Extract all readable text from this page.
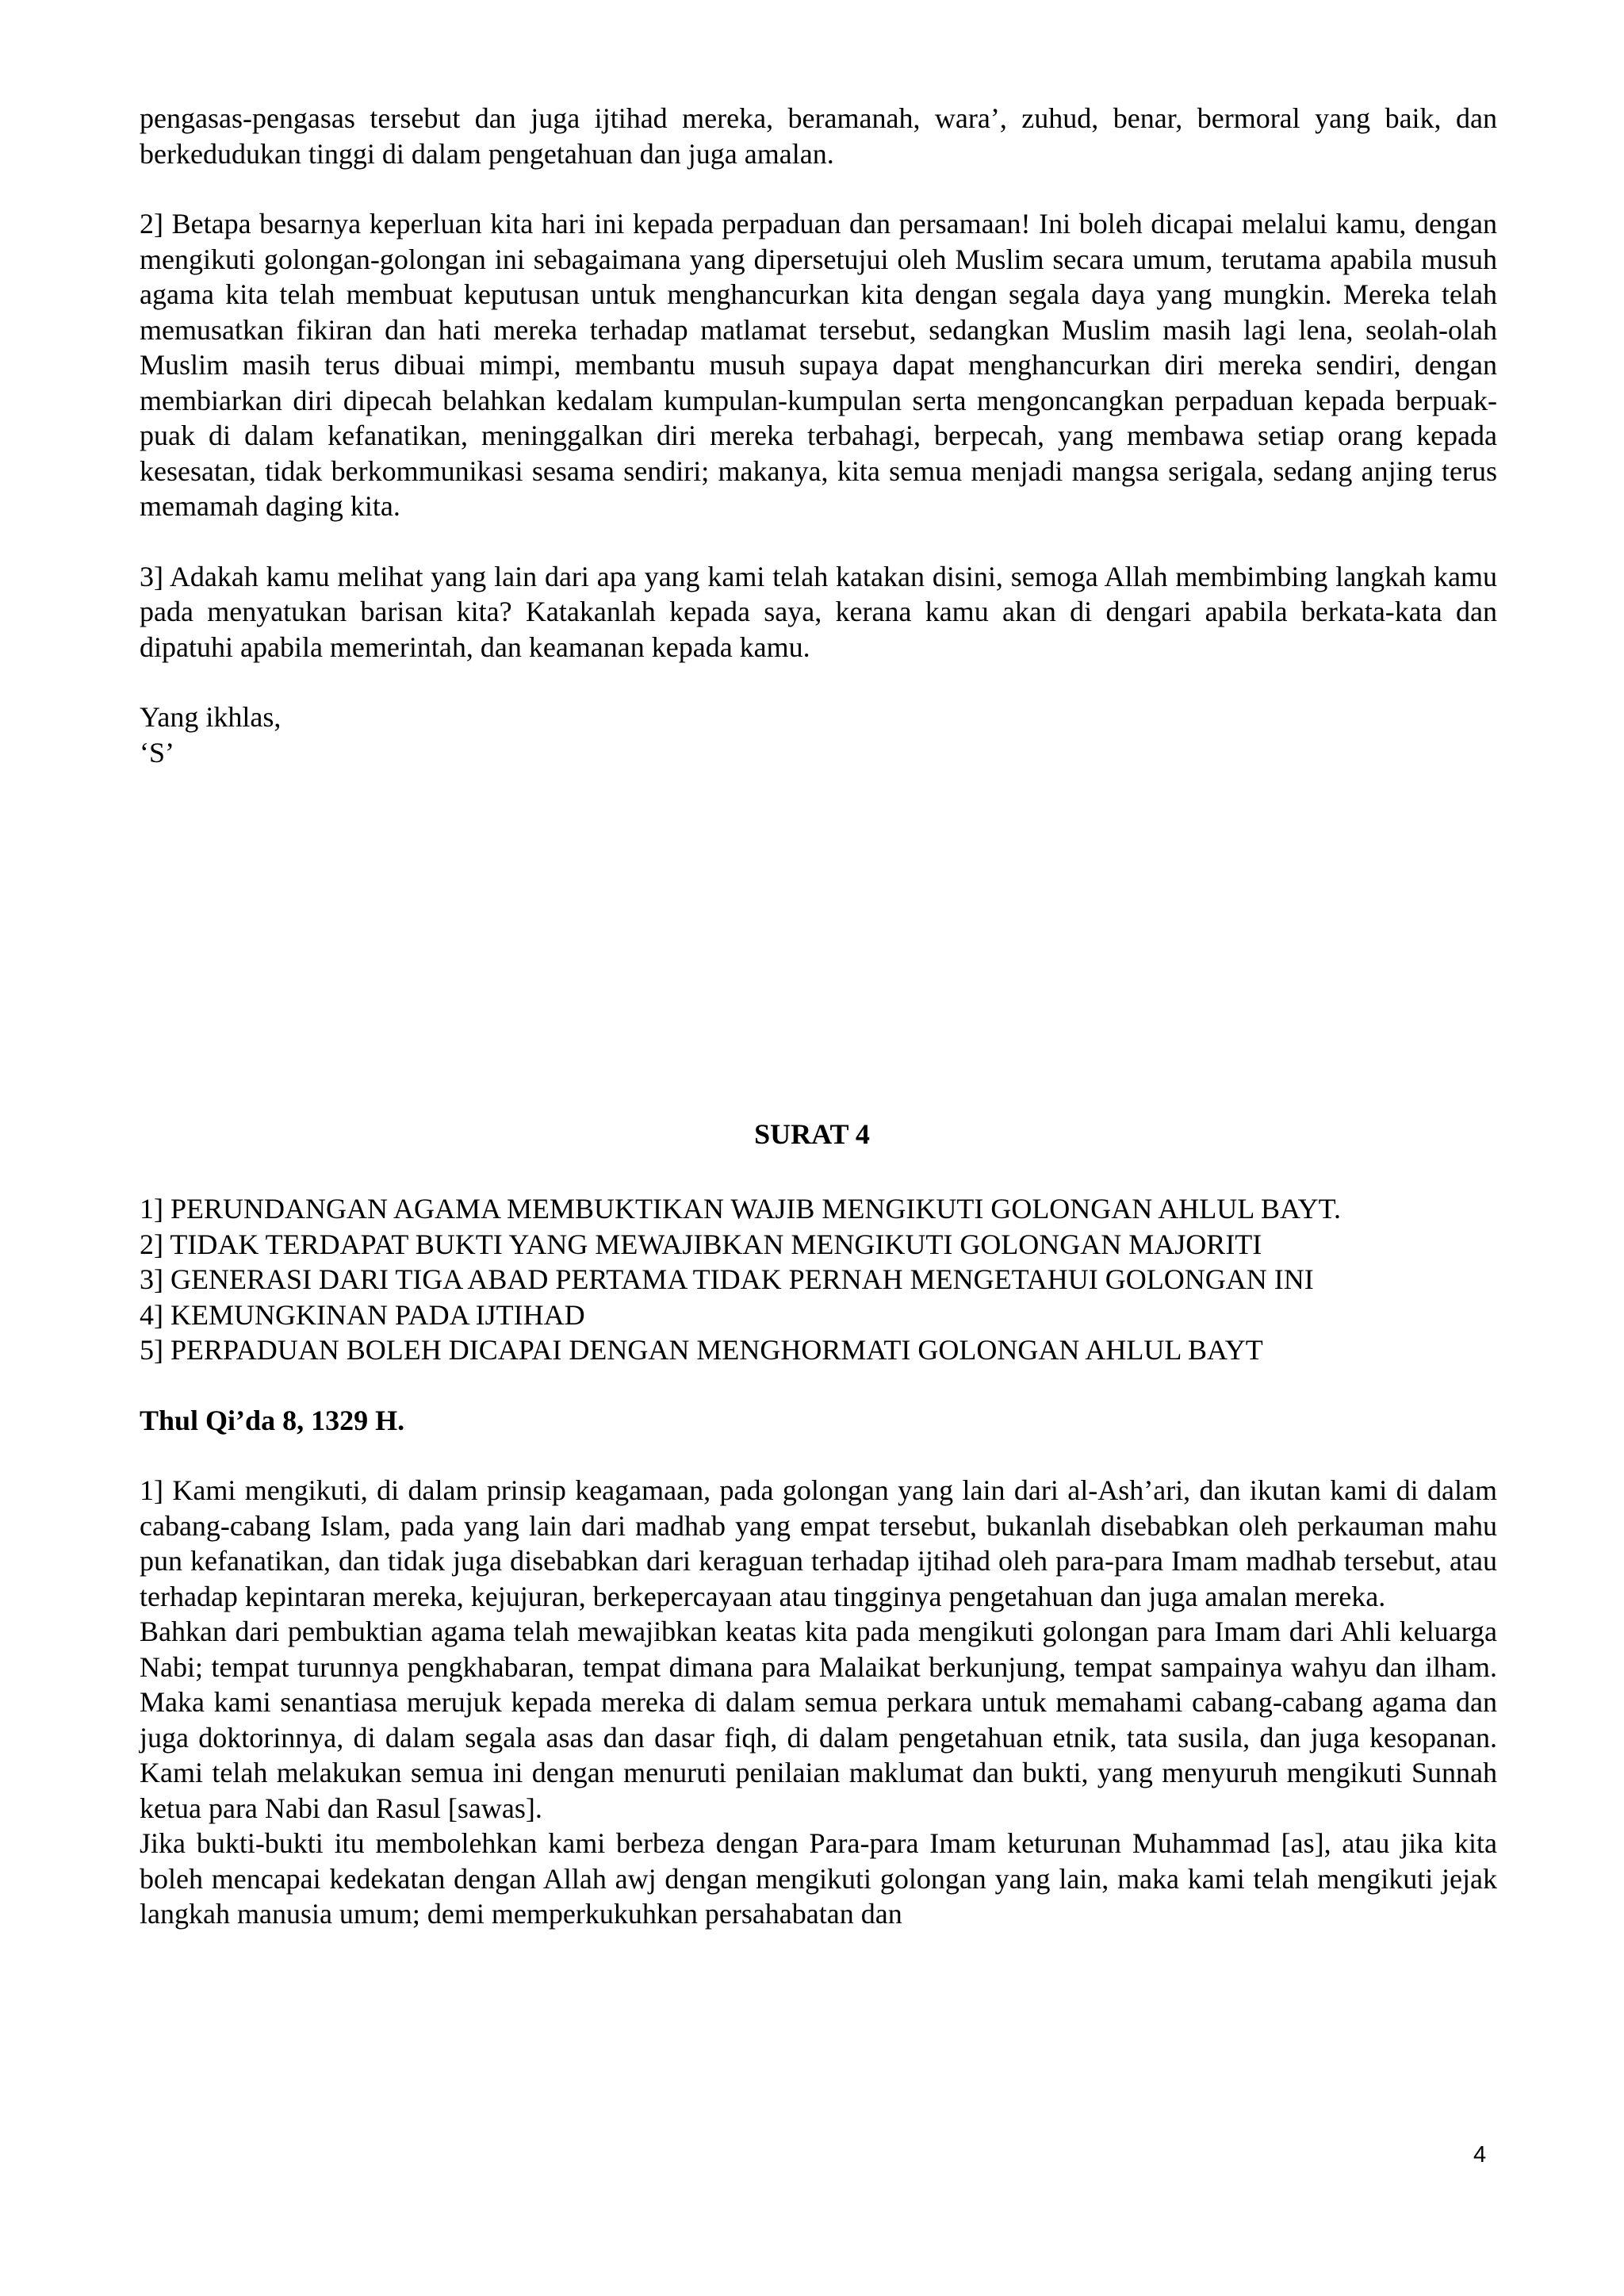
pengasas-pengasas tersebut dan juga ijtihad mereka, beramanah, wara’, zuhud, benar, bermoral yang baik, dan berkedudukan tinggi di dalam pengetahuan dan juga amalan.

2] Betapa besarnya keperluan kita hari ini kepada perpaduan dan persamaan! Ini boleh dicapai melalui kamu, dengan mengikuti golongan-golongan ini sebagaimana yang dipersetujui oleh Muslim secara umum, terutama apabila musuh agama kita telah membuat keputusan untuk menghancurkan kita dengan segala daya yang mungkin. Mereka telah memusatkan fikiran dan hati mereka terhadap matlamat tersebut, sedangkan Muslim masih lagi lena, seolah-olah Muslim masih terus dibuai mimpi, membantu musuh supaya dapat menghancurkan diri mereka sendiri, dengan membiarkan diri dipecah belahkan kedalam kumpulan-kumpulan serta mengoncangkan perpaduan kepada berpuak-puak di dalam kefanatikan, meninggalkan diri mereka terbahagi, berpecah, yang membawa setiap orang kepada kesesatan, tidak berkommunikasi sesama sendiri; makanya, kita semua menjadi mangsa serigala, sedang anjing terus memamah daging kita.

3] Adakah kamu melihat yang lain dari apa yang kami telah katakan disini, semoga Allah membimbing langkah kamu pada menyatukan barisan kita? Katakanlah kepada saya, kerana kamu akan di dengari apabila berkata-kata dan dipatuhi apabila memerintah, dan keamanan kepada kamu.

Yang ikhlas,

‘S’

SURAT 4

1] PERUNDANGAN AGAMA MEMBUKTIKAN WAJIB MENGIKUTI GOLONGAN AHLUL BAYT.

2] TIDAK TERDAPAT BUKTI YANG MEWAJIBKAN MENGIKUTI GOLONGAN MAJORITI

3] GENERASI DARI TIGA ABAD PERTAMA TIDAK PERNAH MENGETAHUI GOLONGAN INI

4] KEMUNGKINAN PADA IJTIHAD

5] PERPADUAN BOLEH DICAPAI DENGAN MENGHORMATI GOLONGAN AHLUL BAYT

Thul Qi’da 8, 1329 H.

1] Kami mengikuti, di dalam prinsip keagamaan, pada golongan yang lain dari al-Ash’ari, dan ikutan kami di dalam cabang-cabang Islam, pada yang lain dari madhab yang empat tersebut, bukanlah disebabkan oleh perkauman mahu pun kefanatikan, dan tidak juga disebabkan dari keraguan terhadap ijtihad oleh para-para Imam madhab tersebut, atau terhadap kepintaran mereka, kejujuran, berkepercayaan atau tingginya pengetahuan dan juga amalan mereka.

Bahkan dari pembuktian agama telah mewajibkan keatas kita pada mengikuti golongan para Imam dari Ahli keluarga Nabi; tempat turunnya pengkhabaran, tempat dimana para Malaikat berkunjung, tempat sampainya wahyu dan ilham. Maka kami senantiasa merujuk kepada mereka di dalam semua perkara untuk memahami cabang-cabang agama dan juga doktorinnya, di dalam segala asas dan dasar fiqh, di dalam pengetahuan etnik, tata susila, dan juga kesopanan. Kami telah melakukan semua ini dengan menuruti penilaian maklumat dan bukti, yang menyuruh mengikuti Sunnah ketua para Nabi dan Rasul [sawas].

Jika bukti-bukti itu membolehkan kami berbeza dengan Para-para Imam keturunan Muhammad [as], atau jika kita boleh mencapai kedekatan dengan Allah awj dengan mengikuti golongan yang lain, maka kami telah mengikuti jejak langkah manusia umum; demi memperkukuhkan persahabatan dan

4
